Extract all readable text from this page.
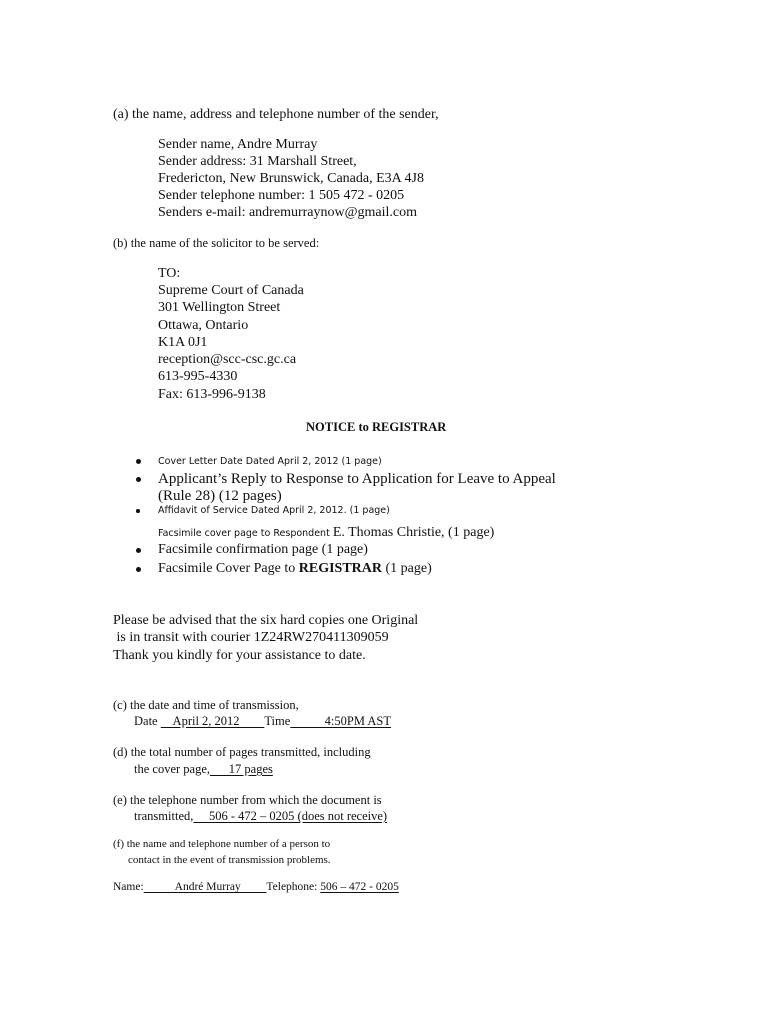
(a) the name, address and telephone number of the sender,
Sender name, Andre Murray
Sender address: 31 Marshall Street,
Fredericton, New Brunswick, Canada, E3A 4J8
Sender telephone number: 1 505 472 - 0205
Senders e-mail: andremurraynow@gmail.com
(b) the name of the solicitor to be served:
TO:
Supreme Court of Canada
301 Wellington Street
Ottawa, Ontario
K1A 0J1
reception@scc-csc.gc.ca
613-995-4330
Fax: 613-996-9138
NOTICE to REGISTRAR
Cover Letter Date Dated April 2, 2012 (1 page)
Applicant’s Reply to Response to Application for Leave to Appeal
(Rule 28) (12 pages)
Affidavit of Service Dated April 2, 2012. (1 page)
Facsimile cover page to Respondent E. Thomas Christie, (1 page)
Facsimile confirmation page (1 page)
Facsimile Cover Page to REGISTRAR (1 page)
Please be advised that the six hard copies one Original
is in transit with courier 1Z24RW270411309059
Thank you kindly for your assistance to date.
(c) the date and time of transmission,
Date     April 2, 2012        Time           4:50PM AST
(d) the total number of pages transmitted, including
the cover page,      17 pages
(e) the telephone number from which the document is
transmitted,     506 - 472 – 0205 (does not receive)
(f) the name and telephone number of a person to
contact in the event of transmission problems.
Name:           André Murray         Telephone: 506 – 472 - 0205
